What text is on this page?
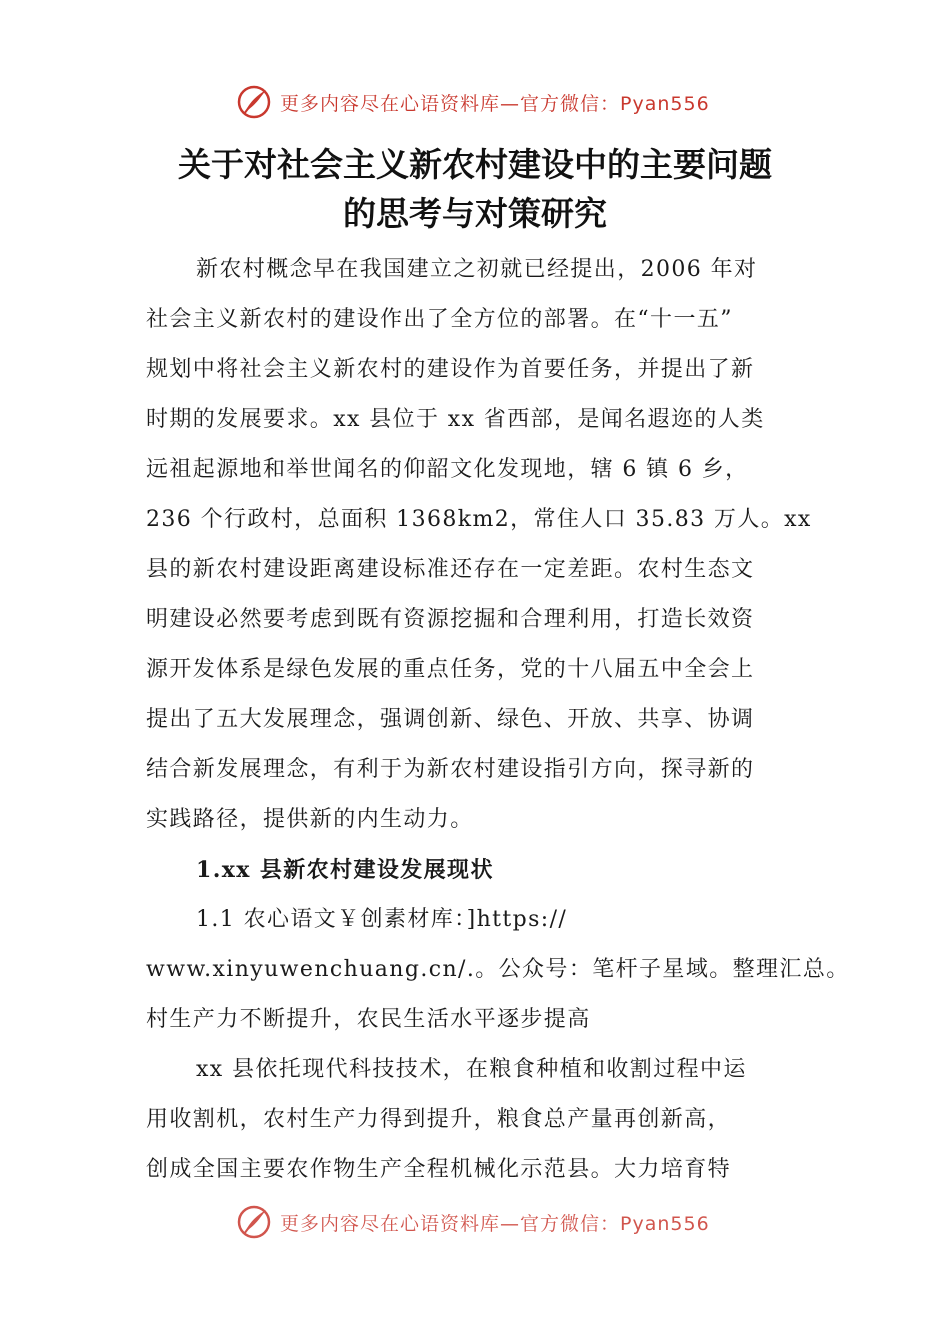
更多内容尽在心语资料库—官方微信：Pyan556
关于对社会主义新农村建设中的主要问题
的思考与对策研究
新农村概念早在我国建立之初就已经提出，2006 年对
社会主义新农村的建设作出了全方位的部署。在“十一五”
规划中将社会主义新农村的建设作为首要任务，并提出了新
时期的发展要求。xx 县位于 xx 省西部，是闻名遐迩的人类
远祖起源地和举世闻名的仰韶文化发现地，辖 6 镇 6 乡，
236 个行政村，总面积 1368km2，常住人口 35.83 万人。xx
县的新农村建设距离建设标准还存在一定差距。农村生态文
明建设必然要考虑到既有资源挖掘和合理利用，打造长效资
源开发体系是绿色发展的重点任务，党的十八届五中全会上
提出了五大发展理念，强调创新、绿色、开放、共享、协调
结合新发展理念，有利于为新农村建设指引方向，探寻新的
实践路径，提供新的内生动力。
1.xx 县新农村建设发展现状
1.1 农心语文￥创素材库：]https://
www.xinyuwenchuang.cn/.。公众号：笔杆子星域。整理汇总。
村生产力不断提升，农民生活水平逐步提高
xx 县依托现代科技技术，在粮食种植和收割过程中运
用收割机，农村生产力得到提升，粮食总产量再创新高，
创成全国主要农作物生产全程机械化示范县。大力培育特
更多内容尽在心语资料库—官方微信：Pyan556
